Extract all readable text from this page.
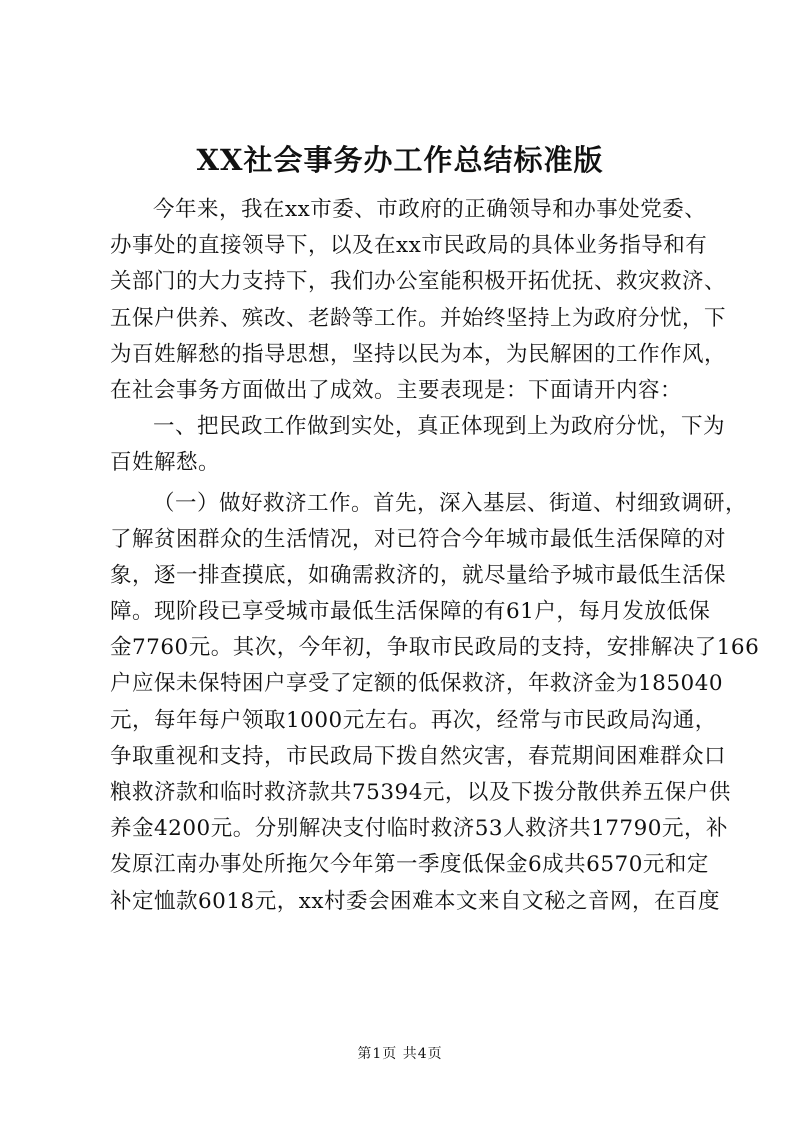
XX社会事务办工作总结标准版
今年来，我在xx市委、市政府的正确领导和办事处党委、
办事处的直接领导下，以及在xx市民政局的具体业务指导和有
关部门的大力支持下，我们办公室能积极开拓优抚、救灾救济、
五保户供养、殡改、老龄等工作。并始终坚持上为政府分忧，下
为百姓解愁的指导思想，坚持以民为本，为民解困的工作作风，
在社会事务方面做出了成效。主要表现是：下面请开内容：
一、把民政工作做到实处，真正体现到上为政府分忧，下为
百姓解愁。
（一）做好救济工作。首先，深入基层、街道、村细致调研，
了解贫困群众的生活情况，对已符合今年城市最低生活保障的对
象，逐一排查摸底，如确需救济的，就尽量给予城市最低生活保
障。现阶段已享受城市最低生活保障的有61户，每月发放低保
金7760元。其次，今年初，争取市民政局的支持，安排解决了166
户应保未保特困户享受了定额的低保救济，年救济金为185040
元，每年每户领取1000元左右。再次，经常与市民政局沟通，
争取重视和支持，市民政局下拨自然灾害，春荒期间困难群众口
粮救济款和临时救济款共75394元，以及下拨分散供养五保户供
养金4200元。分别解决支付临时救济53人救济共17790元，补
发原江南办事处所拖欠今年第一季度低保金6成共6570元和定
补定恤款6018元，xx村委会困难本文来自文秘之音网，在百度
第1页 共4页
